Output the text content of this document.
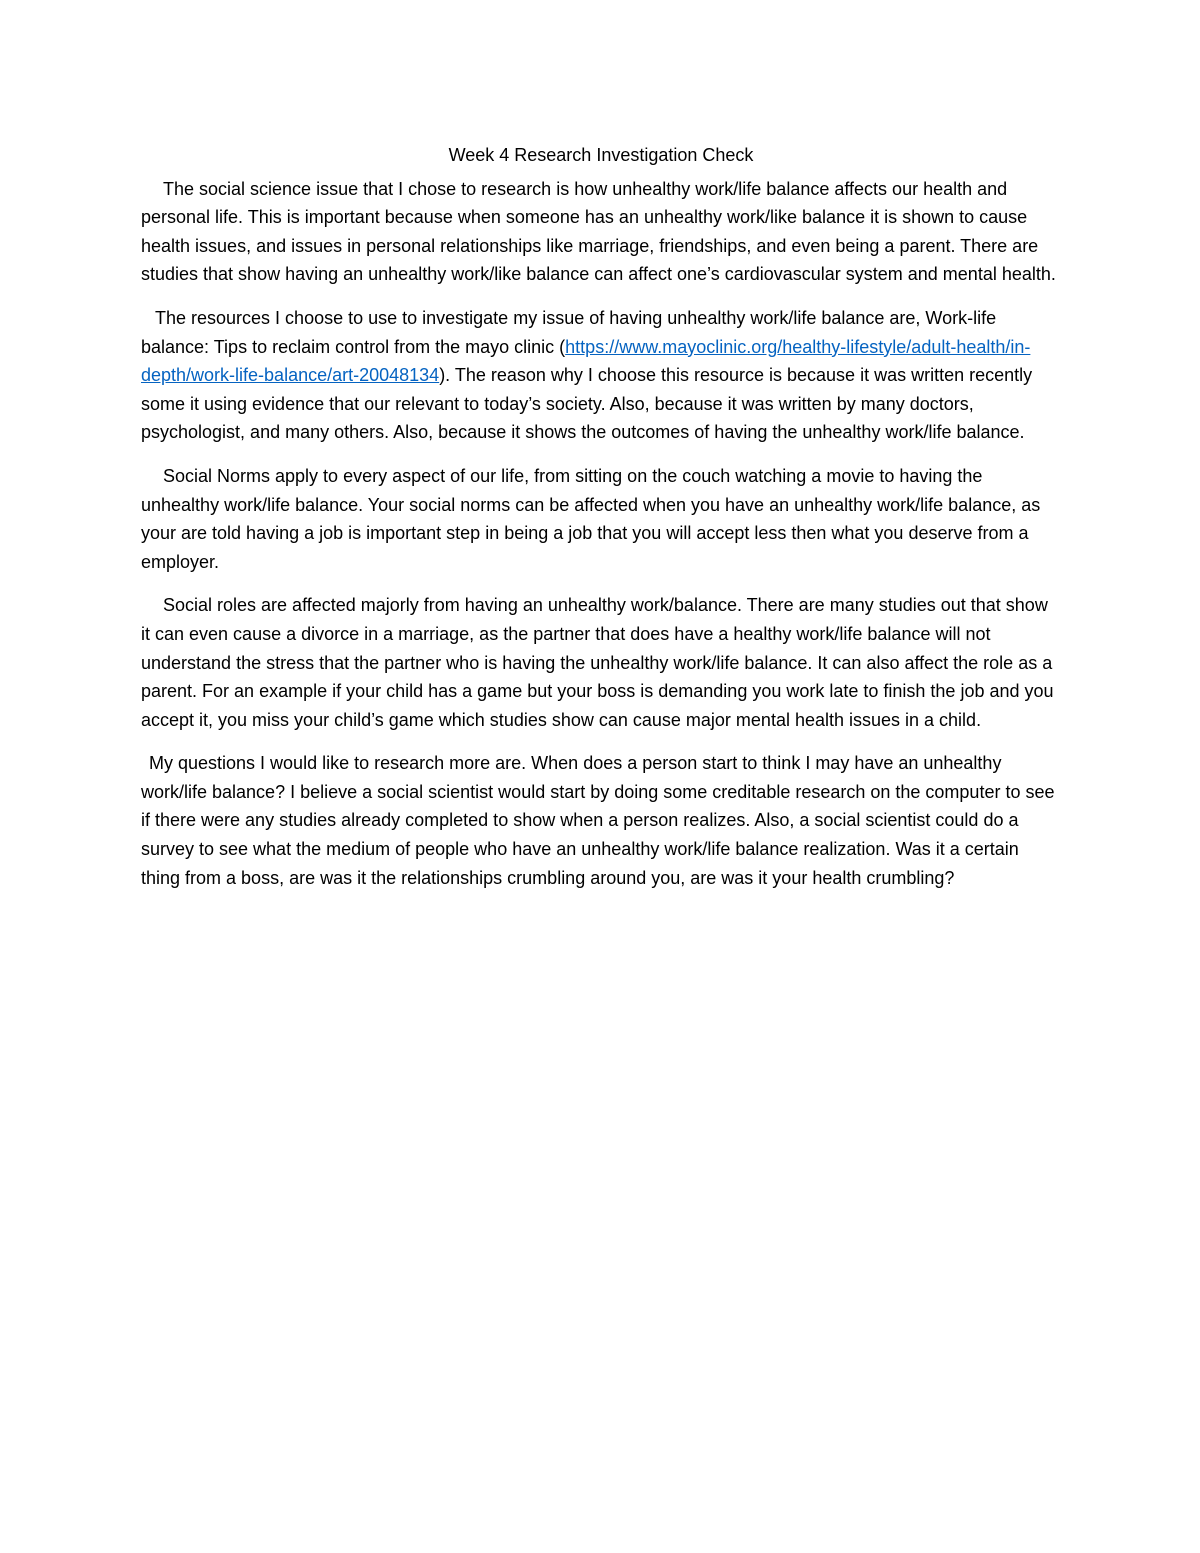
Week 4 Research Investigation Check

The social science issue that I chose to research is how unhealthy work/life balance affects our health and personal life. This is important because when someone has an unhealthy work/like balance it is shown to cause health issues, and issues in personal relationships like marriage, friendships, and even being a parent. There are studies that show having an unhealthy work/like balance can affect one’s cardiovascular system and mental health.

The resources I choose to use to investigate my issue of having unhealthy work/life balance are, Work-life balance: Tips to reclaim control from the mayo clinic (https://www.mayoclinic.org/healthy-lifestyle/adult-health/in-depth/work-life-balance/art-20048134). The reason why I choose this resource is because it was written recently some it using evidence that our relevant to today’s society. Also, because it was written by many doctors, psychologist, and many others. Also, because it shows the outcomes of having the unhealthy work/life balance.

Social Norms apply to every aspect of our life, from sitting on the couch watching a movie to having the unhealthy work/life balance. Your social norms can be affected when you have an unhealthy work/life balance, as your are told having a job is important step in being a job that you will accept less then what you deserve from a employer.

Social roles are affected majorly from having an unhealthy work/balance. There are many studies out that show it can even cause a divorce in a marriage, as the partner that does have a healthy work/life balance will not understand the stress that the partner who is having the unhealthy work/life balance. It can also affect the role as a parent. For an example if your child has a game but your boss is demanding you work late to finish the job and you accept it, you miss your child’s game which studies show can cause major mental health issues in a child.

My questions I would like to research more are. When does a person start to think I may have an unhealthy work/life balance? I believe a social scientist would start by doing some creditable research on the computer to see if there were any studies already completed to show when a person realizes. Also, a social scientist could do a survey to see what the medium of people who have an unhealthy work/life balance realization. Was it a certain thing from a boss, are was it the relationships crumbling around you, are was it your health crumbling?
